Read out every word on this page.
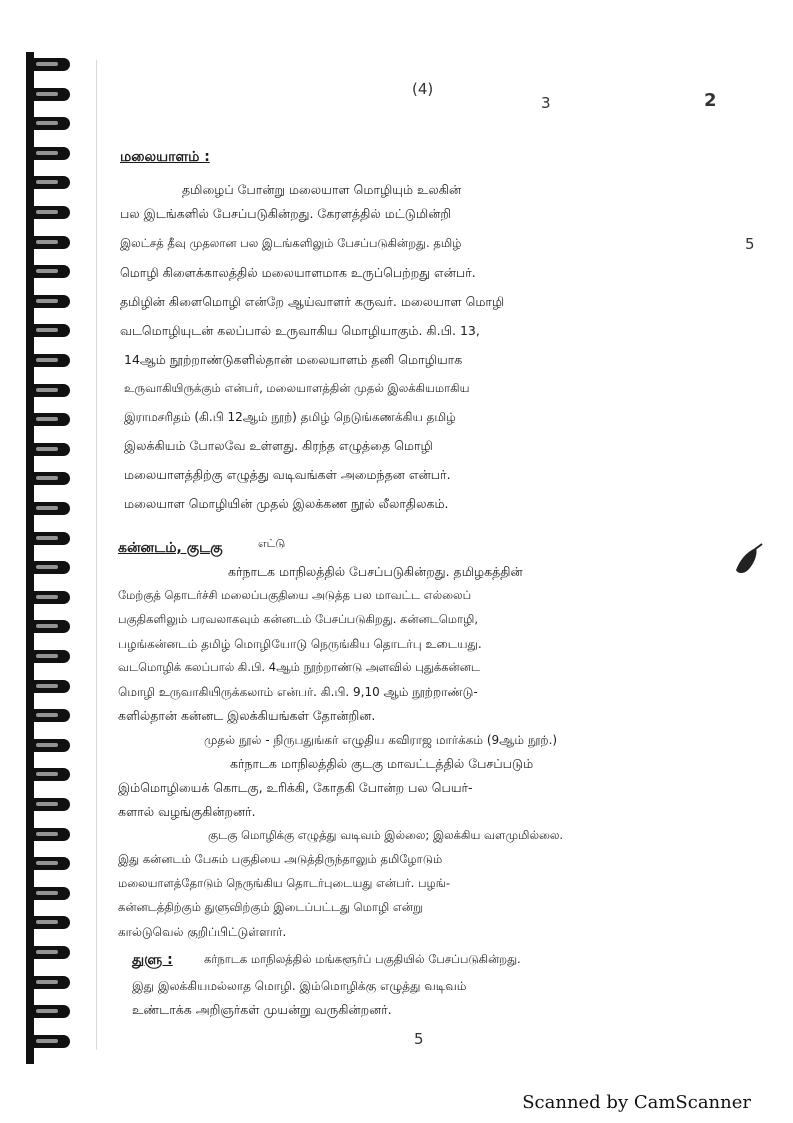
(4)
3	2
5
5
மலையாளம் :
தமிழைப் போன்று மலையாள மொழியும் உலகின்
பல இடங்களில் பேசப்படுகின்றது. கேரளத்தில் மட்டுமின்றி
இலட்சத் தீவு முதலான பல இடங்களிலும் பேசப்படுகின்றது. தமிழ்
மொழி கிளைக்காலத்தில் மலையாளமாக உருப்பெற்றது என்பர்.
தமிழின் கிளைமொழி என்றே ஆய்வாளர் கருவர். மலையாள மொழி
வடமொழியுடன் கலப்பால் உருவாகிய மொழியாகும். கி.பி. 13,
14ஆம் நூற்றாண்டுகளில்தான் மலையாளம் தனி மொழியாக
உருவாகியிருக்கும் என்பர், மலையாளத்தின் முதல் இலக்கியமாகிய
இராமசரிதம் (கி.பி 12ஆம் நூற்) தமிழ் நெடுங்கணக்கிய தமிழ்
இலக்கியம் போலவே உள்ளது. கிரந்த எழுத்தை மொழி
மலையாளத்திற்கு எழுத்து வடிவங்கள் அமைந்தன என்பர்.
மலையாள மொழியின் முதல் இலக்கண நூல் லீலாதிலகம்.
கன்னடம், குடகு	எட்டு
கர்நாடக மாநிலத்தில் பேசப்படுகின்றது. தமிழகத்தின்
மேற்குத் தொடர்ச்சி மலைப்பகுதியை அடுத்த பல மாவட்ட எல்லைப்
பகுதிகளிலும் பரவலாகவும் கன்னடம் பேசப்படுகிறது. கன்னடமொழி,
பழங்கன்னடம் தமிழ் மொழியோடு நெருங்கிய தொடர்பு உடையது.
வடமொழிக் கலப்பால் கி.பி. 4ஆம் நூற்றாண்டு அளவில் புதுக்கன்னட
மொழி உருவாகியிருக்கலாம் என்பர். கி.பி. 9,10 ஆம் நூற்றாண்டு-
களில்தான் கன்னட இலக்கியங்கள் தோன்றின.
முதல் நூல் - நிருபதுங்கர் எழுதிய கவிராஜ மார்க்கம் (9ஆம் நூற்.)
கர்நாடக மாநிலத்தில் குடகு மாவட்டத்தில் பேசப்படும்
இம்மொழியைக் கொடகு, உரிக்கி, கோதகி போன்ற பல பெயர்-
களால் வழங்குகின்றனர்.
குடகு மொழிக்கு எழுத்து வடிவம் இல்லை; இலக்கிய வளமுமில்லை.
Scanned by CamScanner
இது கன்னடம் பேசும் பகுதியை அடுத்திருந்தாலும் தமிழோடும்
மலையாளத்தோடும் நெருங்கிய தொடர்புடையது என்பர். பழங்-
கன்னடத்திற்கும் துளுவிற்கும் இடைப்பட்டது மொழி என்று
கால்டுவெல் குறிப்பிட்டுள்ளார்.
துளு :	கர்நாடக மாநிலத்தில் மங்களூர்ப் பகுதியில் பேசப்படுகின்றது.
இது இலக்கியமல்லாத மொழி. இம்மொழிக்கு எழுத்து வடிவம்
உண்டாக்க அறிஞர்கள் முயன்று வருகின்றனர்.
